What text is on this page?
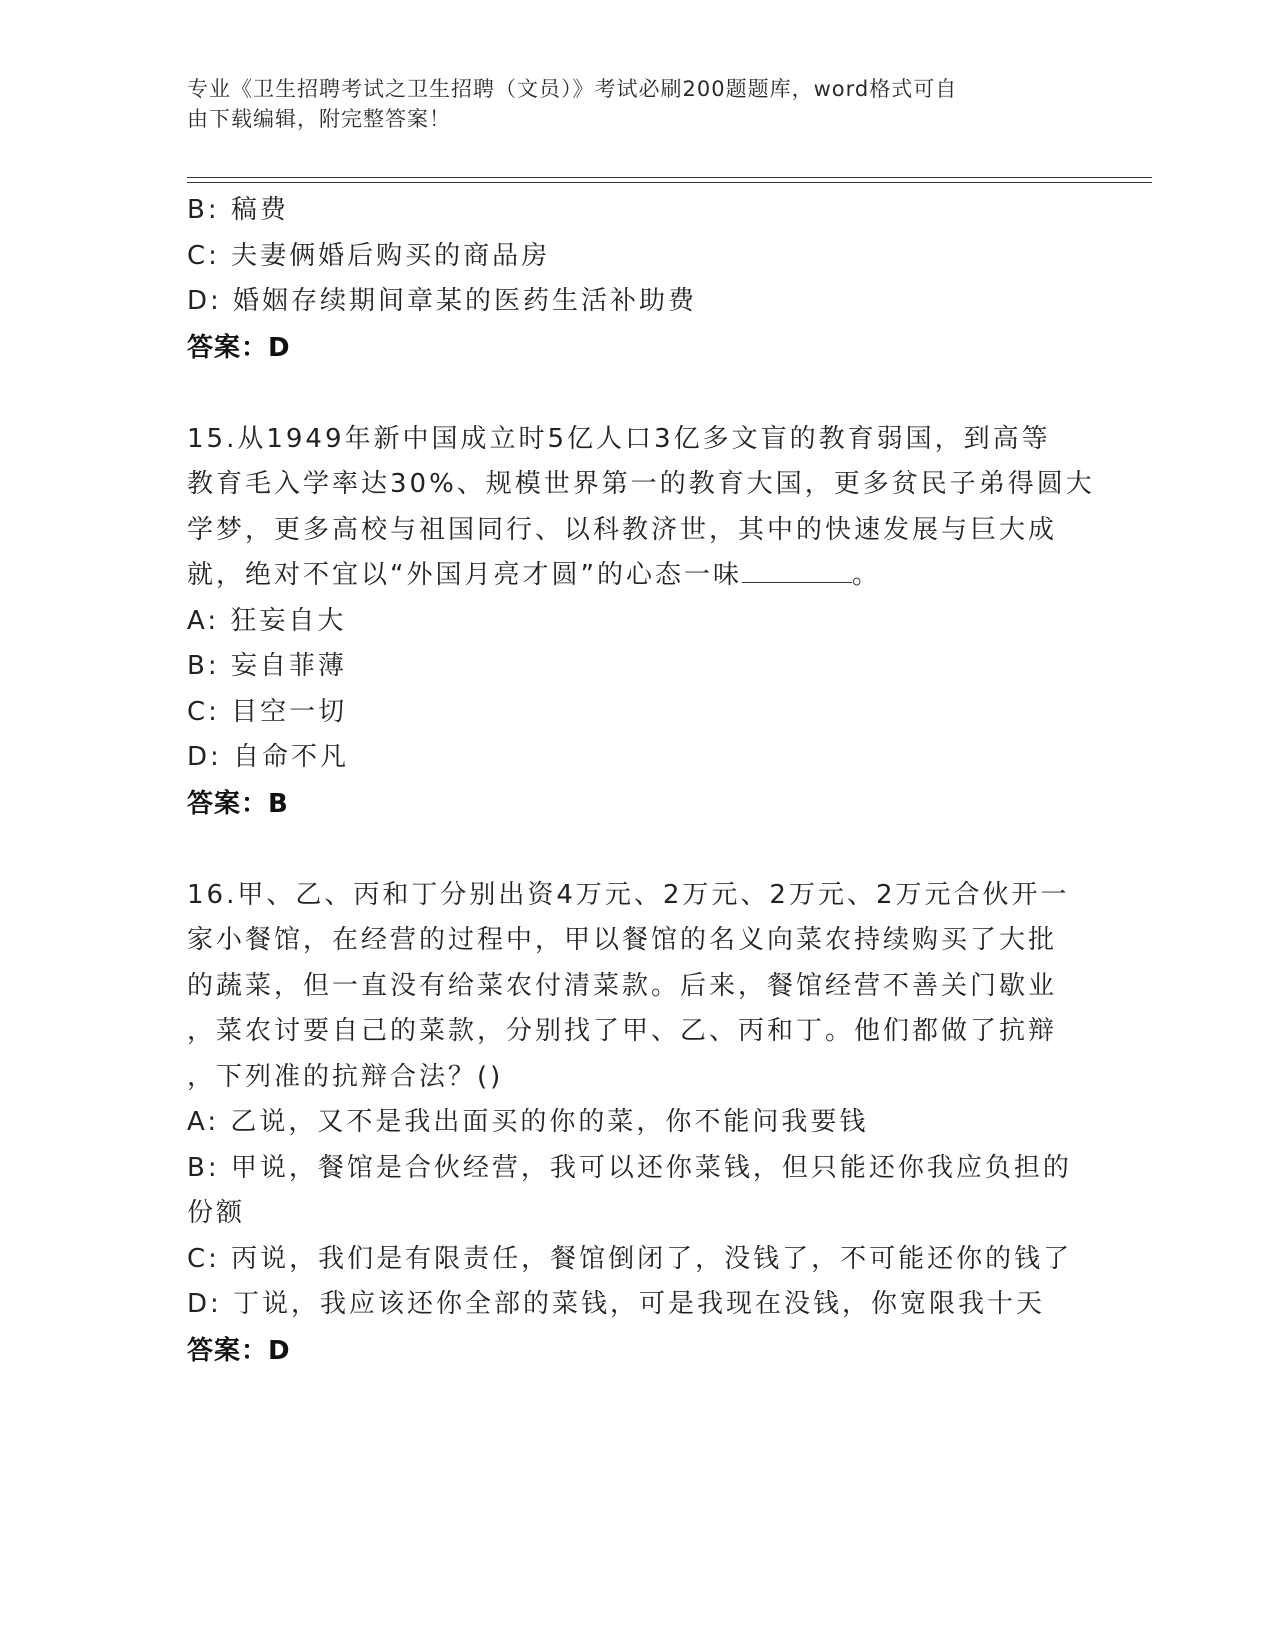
专业《卫生招聘考试之卫生招聘（文员）》考试必刷200题题库，word格式可自
由下载编辑，附完整答案！
B: 稿费
C: 夫妻俩婚后购买的商品房
D: 婚姻存续期间章某的医药生活补助费
答案：D
15.从1949年新中国成立时5亿人口3亿多文盲的教育弱国，到高等
教育毛入学率达30%、规模世界第一的教育大国，更多贫民子弟得圆大
学梦，更多高校与祖国同行、以科教济世，其中的快速发展与巨大成
就，绝对不宜以“外国月亮才圆”的心态一味	。
A: 狂妄自大
B: 妄自菲薄
C: 目空一切
D: 自命不凡
答案：B
16.甲、乙、丙和丁分别出资4万元、2万元、2万元、2万元合伙开一
家小餐馆，在经营的过程中，甲以餐馆的名义向菜农持续购买了大批
的蔬菜，但一直没有给菜农付清菜款。后来，餐馆经营不善关门歇业
，菜农讨要自己的菜款，分别找了甲、乙、丙和丁。他们都做了抗辩
，下列准的抗辩合法？()
A: 乙说，又不是我出面买的你的菜，你不能问我要钱
B: 甲说，餐馆是合伙经营，我可以还你菜钱，但只能还你我应负担的
份额
C: 丙说，我们是有限责任，餐馆倒闭了，没钱了，不可能还你的钱了
D: 丁说，我应该还你全部的菜钱，可是我现在没钱，你宽限我十天
答案：D
